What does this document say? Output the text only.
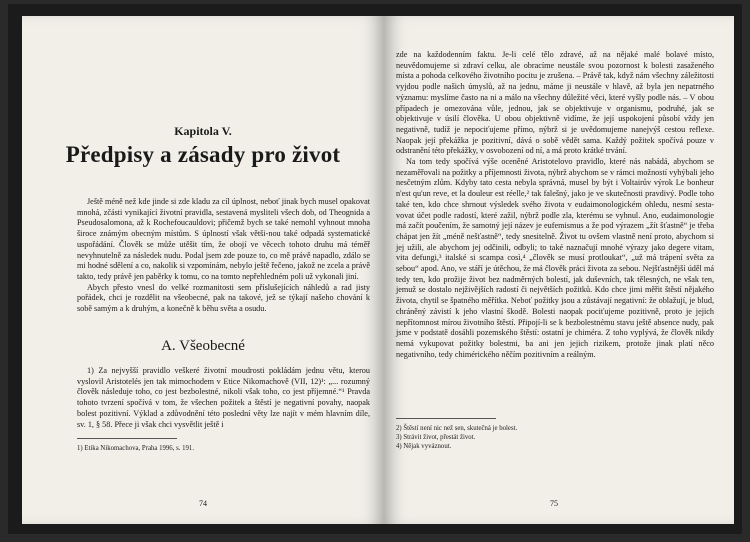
Kapitola V.
Předpisy a zásady pro život

Ještě méně než kde jinde si zde kladu za cíl úplnost, neboť jinak bych musel opakovat mnohá, zčásti vynikající životní pravidla, sestavená mysliteli všech dob, od Theognida a Pseudosalomona, až k Rochefoucauldovi; přičemž bych se také nemohl vyhnout mnoha široce známým obecným místům. S úplností však větši-nou také odpadá systematické uspořádání. Člověk se může utěšit tím, že obojí ve věcech tohoto druhu má téměř nevyhnutelně za následek nudu. Podal jsem zde pouze to, co mě právě napadlo, zdálo se mi hodné sdělení a co, nakolik si vzpomínám, nebylo ještě řečeno, jakož ne zcela a právě takto, tedy právě jen paběrky k tomu, co na tomto nepřehledném poli už vykonali jiní.

Abych přesto vnesl do velké rozmanitosti sem příslušejících náhledů a rad jisty pořádek, chci je rozdělit na všeobecné, pak na takové, jež se týkají našeho chování k sobě samým a k druhým, a konečně k běhu světa a osudu.

A. Všeobecné

1) Za nejvyšší pravidlo veškeré životní moudrosti pokládám jednu větu, kterou vyslovil Aristotelés jen tak mimochodem v Etice Nikomachově (VII, 12)¹: „... rozumný člověk následuje toho, co jest bezbolestné, nikoli však toho, co jest příjemné.“¹ Pravda tohoto tvrzení spočívá v tom, že všechen požitek a štěstí je negativní povahy, naopak bolest pozitivní. Výklad a zdůvodnění této poslední věty lze najít v mém hlavním díle, sv. 1, § 58. Přece ji však chci vysvětlit ještě i

1) Etika Nikomachova, Praha 1996, s. 191.
74

zde na každodenním faktu. Je-li celé tělo zdravé, až na nějaké malé bolavé místo, neuvědomujeme si zdraví celku, ale obracíme neustále svou pozornost k bolesti zasaženého místa a pohoda celkového životního pocitu je zrušena. – Právě tak, když nám všechny záležitosti vyjdou podle našich úmyslů, až na jednu, máme ji neustále v hlavě, až byla jen nepatrného významu: myslíme často na ni a málo na všechny důležité věci, které vyšly podle nás. – V obou případech je omezována vůle, jednou, jak se objektivuje v organismu, podruhé, jak se objektivuje v úsilí člověka. U obou objektivně vidíme, že její uspokojení působí vždy jen negativně, tudíž je nepociťujeme přímo, nýbrž si je uvědomujeme nanejvýš cestou reflexe. Naopak její překážka je pozitivní, dává o sobě vědět sama. Každý požitek spočívá pouze v odstranění této překážky, v osvobození od ní, a má proto krátké trvání.

Na tom tedy spočívá výše oceněné Aristotelovo pravidlo, které nás nabádá, abychom se nezaměřovali na požitky a příjemnosti života, nýbrž abychom se v rámci možností vyhýbali jeho nesčetným zlům. Kdyby tato cesta nebyla správná, musel by být i Voltairův výrok Le bonheur n'est qu'un reve, et la douleur est réelle,² tak falešný, jako je ve skutečnosti pravdivý. Podle toho také ten, kdo chce shrnout výsledek svého života v eudaimonologickém ohledu, nesmí sesta-vovat účet podle radostí, které zažil, nýbrž podle zla, kterému se vyhnul. Ano, eudaimonologie má začít poučením, že samotný její název je eufemismus a že pod výrazem „žít šťastně“ je třeba chápat jen žít „méně nešťastně“, tedy snesitelně. Život tu ovšem vlastně není proto, abychom si jej užili, ale abychom jej odčinili, odbyli; to také naznačují mnohé výrazy jako degere vitam, vita defungi,³ italské si scampa così,⁴ „člověk se musí protloukat“, „už má trápení světa za sebou“ apod. Ano, ve stáří je útěchou, že má člověk práci života za sebou. Nejšťastnější úděl má tedy ten, kdo prožije život bez nadměrných bolestí, jak duševních, tak tělesných, ne však ten, jemuž se dostalo nejživějších radostí či největších požitků. Kdo chce jimi měřit štěstí nějakého života, chytil se špatného měřítka. Neboť požitky jsou a zůstávají negativní: že oblažují, je blud, chráněný závistí k jeho vlastní škodě. Bolesti naopak pociťujeme pozitivně, proto je jejich nepřítomnost mírou životního štěstí. Připojí-li se k bezbolestnému stavu ještě absence nudy, pak jsme v podstatě dosáhli pozemského štěstí: ostatní je chiméra. Z toho vyplývá, že člověk nikdy nemá vykupovat požitky bolestmi, ba ani jen jejich rizikem, protože jinak platí něco negativního, tedy chimérického něčím pozitivním a reálným.

2) Štěstí není nic než sen, skutečná je bolest.
3) Strávit život, přestát život.
4) Nějak vyváznout.
75
